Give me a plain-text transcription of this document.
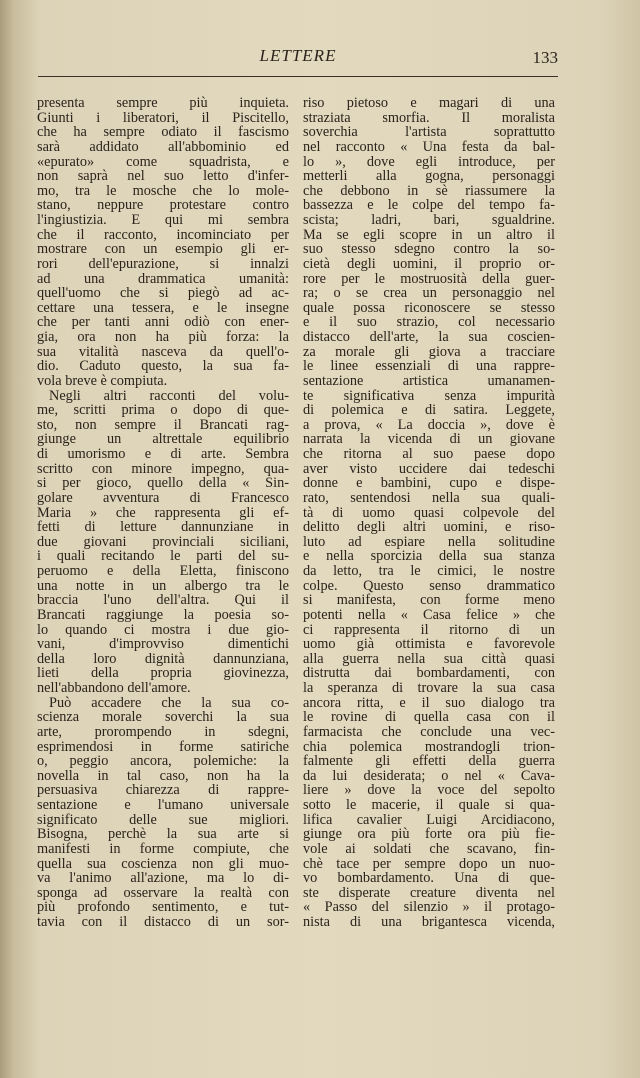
LETTERE	133
presenta sempre più inquieta.
Giunti i liberatori, il Piscitello,
che ha sempre odiato il fascismo
sarà addidato all'abbominio ed
«epurato» come squadrista, e
non saprà nel suo letto d'infer-
mo, tra le mosche che lo mole-
stano, neppure protestare contro
l'ingiustizia. E qui mi sembra
che il racconto, incominciato per
mostrare con un esempio gli er-
rori dell'epurazione, si innalzi
ad una drammatica umanità:
quell'uomo che si piegò ad ac-
cettare una tessera, e le insegne
che per tanti anni odiò con ener-
gia, ora non ha più forza: la
sua vitalità nasceva da quell'o-
dio. Caduto questo, la sua fa-
vola breve è compiuta.
Negli altri racconti del volu-
me, scritti prima o dopo di que-
sto, non sempre il Brancati rag-
giunge un altrettale equilibrio
di umorismo e di arte. Sembra
scritto con minore impegno, qua-
si per gioco, quello della « Sin-
golare avventura di Francesco
Maria » che rappresenta gli ef-
fetti di letture dannunziane in
due giovani provinciali siciliani,
i quali recitando le parti del su-
peruomo e della Eletta, finiscono
una notte in un albergo tra le
braccia l'uno dell'altra. Qui il
Brancati raggiunge la poesia so-
lo quando ci mostra i due gio-
vani, d'improvviso dimentichi
della loro dignità dannunziana,
lieti della propria giovinezza,
nell'abbandono dell'amore.
Può accadere che la sua co-
scienza morale soverchi la sua
arte, prorompendo in sdegni,
esprimendosi in forme satiriche
o, peggio ancora, polemiche: la
novella in tal caso, non ha la
persuasiva chiarezza di rappre-
sentazione e l'umano universale
significato delle sue migliori.
Bisogna, perchè la sua arte si
manifesti in forme compiute, che
quella sua coscienza non gli muo-
va l'animo all'azione, ma lo di-
sponga ad osservare la realtà con
più profondo sentimento, e tut-
tavia con il distacco di un sor-
riso pietoso e magari di una
straziata smorfia. Il moralista
soverchia l'artista soprattutto
nel racconto « Una festa da bal-
lo », dove egli introduce, per
metterli alla gogna, personaggi
che debbono in sè riassumere la
bassezza e le colpe del tempo fa-
scista; ladri, bari, sgualdrine.
Ma se egli scopre in un altro il
suo stesso sdegno contro la so-
cietà degli uomini, il proprio or-
rore per le mostruosità della guer-
ra; o se crea un personaggio nel
quale possa riconoscere se stesso
e il suo strazio, col necessario
distacco dell'arte, la sua coscien-
za morale gli giova a tracciare
le linee essenziali di una rappre-
sentazione artistica umanamen-
te significativa senza impurità
di polemica e di satira. Leggete,
a prova, « La doccia », dove è
narrata la vicenda di un giovane
che ritorna al suo paese dopo
aver visto uccidere dai tedeschi
donne e bambini, cupo e dispe-
rato, sentendosi nella sua quali-
tà di uomo quasi colpevole del
delitto degli altri uomini, e riso-
luto ad espiare nella solitudine
e nella sporcizia della sua stanza
da letto, tra le cimici, le nostre
colpe. Questo senso drammatico
si manifesta, con forme meno
potenti nella « Casa felice » che
ci rappresenta il ritorno di un
uomo già ottimista e favorevole
alla guerra nella sua città quasi
distrutta dai bombardamenti, con
la speranza di trovare la sua casa
ancora ritta, e il suo dialogo tra
le rovine di quella casa con il
farmacista che conclude una vec-
chia polemica mostrandogli trion-
falmente gli effetti della guerra
da lui desiderata; o nel « Cava-
liere » dove la voce del sepolto
sotto le macerie, il quale si qua-
lifica cavalier Luigi Arcidiacono,
giunge ora più forte ora più fie-
vole ai soldati che scavano, fin-
chè tace per sempre dopo un nuo-
vo bombardamento. Una di que-
ste disperate creature diventa nel
« Passo del silenzio » il protago-
nista di una brigantesca vicenda,
